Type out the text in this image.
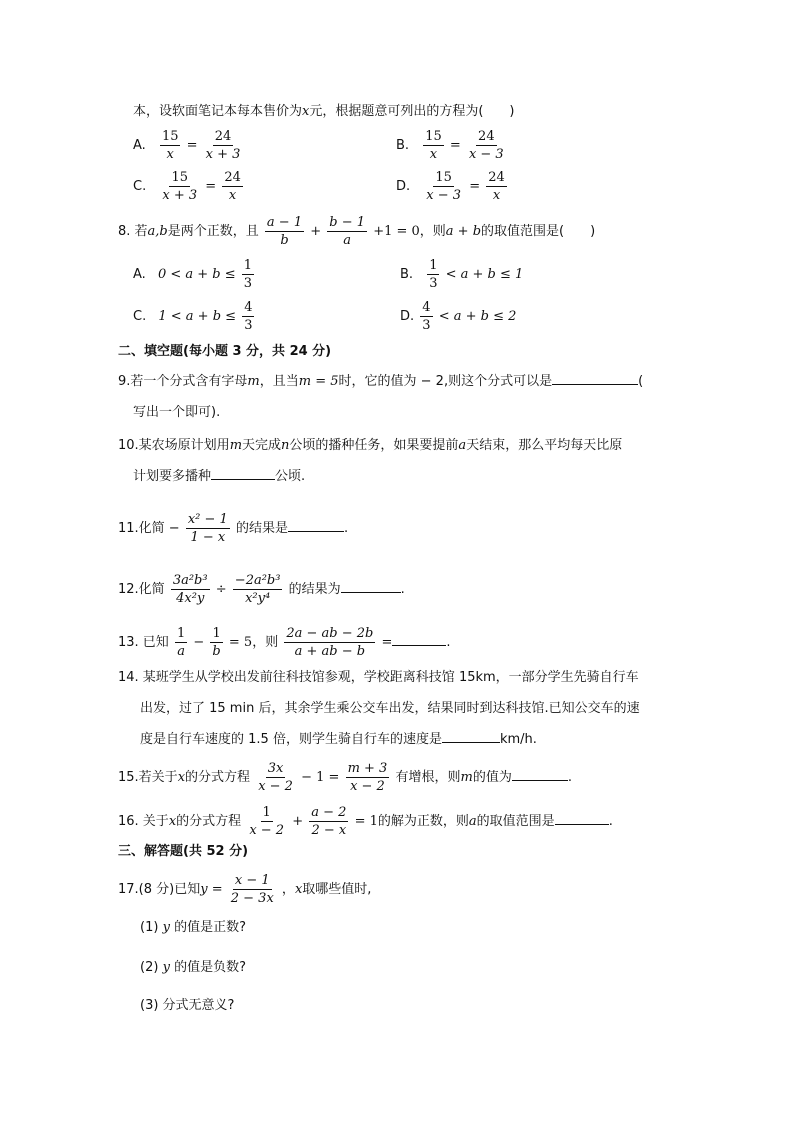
本，设软面笔记本每本售价为x元，根据题意可列出的方程为(　　)
A. $\frac{15}{x} = \frac{24}{x + 3}$	B. $\frac{15}{x} = \frac{24}{x - 3}$
C. $\frac{15}{x + 3} = \frac{24}{x}$	D. $\frac{15}{x - 3} = \frac{24}{x}$
8. 若a,b是两个正数，且 $\frac{a - 1}{b} + \frac{b - 1}{a} +1 = 0$，则a + b的取值范围是(　　)
A. $0 < a + b \le \frac{1}{3}$	B. $\frac{1}{3} < a + b \le 1$
C. $1 < a + b \le \frac{4}{3}$	D. $\frac{4}{3} < a + b \le 2$
二、填空题(每小题 3 分，共 24 分)
9.若一个分式含有字母m，且当m = 5时，它的值为 − 2,则这个分式可以是	(
写出一个即可).
10.某农场原计划用m天完成n公顷的播种任务，如果要提前a天结束，那么平均每天比原
计划要多播种	公顷.
11.化简 − $\frac{\text{x² − 1}}{1 - x}$ 的结果是	.
12.化简 $\frac{\text{3a²b³}}{\text{4x²y}} \div \frac{\text{−2a²b³}}{\text{x²y⁴}}$ 的结果为	.
13. 已知 $\frac{1}{a} - \frac{1}{b} = 5$，则 $\frac{2a - ab - 2b}{a + ab - b}$ =	.
14. 某班学生从学校出发前往科技馆参观，学校距离科技馆 15km，一部分学生先骑自行车
出发，过了 15 min 后，其余学生乘公交车出发，结果同时到达科技馆.已知公交车的速
度是自行车速度的 1.5 倍，则学生骑自行车的速度是	km/h.
15.若关于x的分式方程 $\frac{3x}{x - 2} - 1 = \frac{m + 3}{x - 2}$ 有增根，则m的值为	.
16. 关于x的分式方程 $\frac{1}{x - 2} + \frac{a - 2}{2 - x} = 1$的解为正数，则a的取值范围是	.
三、解答题(共 52 分)
17.(8 分)已知$y = \frac{x - 1}{2 - 3x}$ ，x取哪些值时,
(1) y 的值是正数?
(2) y 的值是负数?
(3) 分式无意义?
